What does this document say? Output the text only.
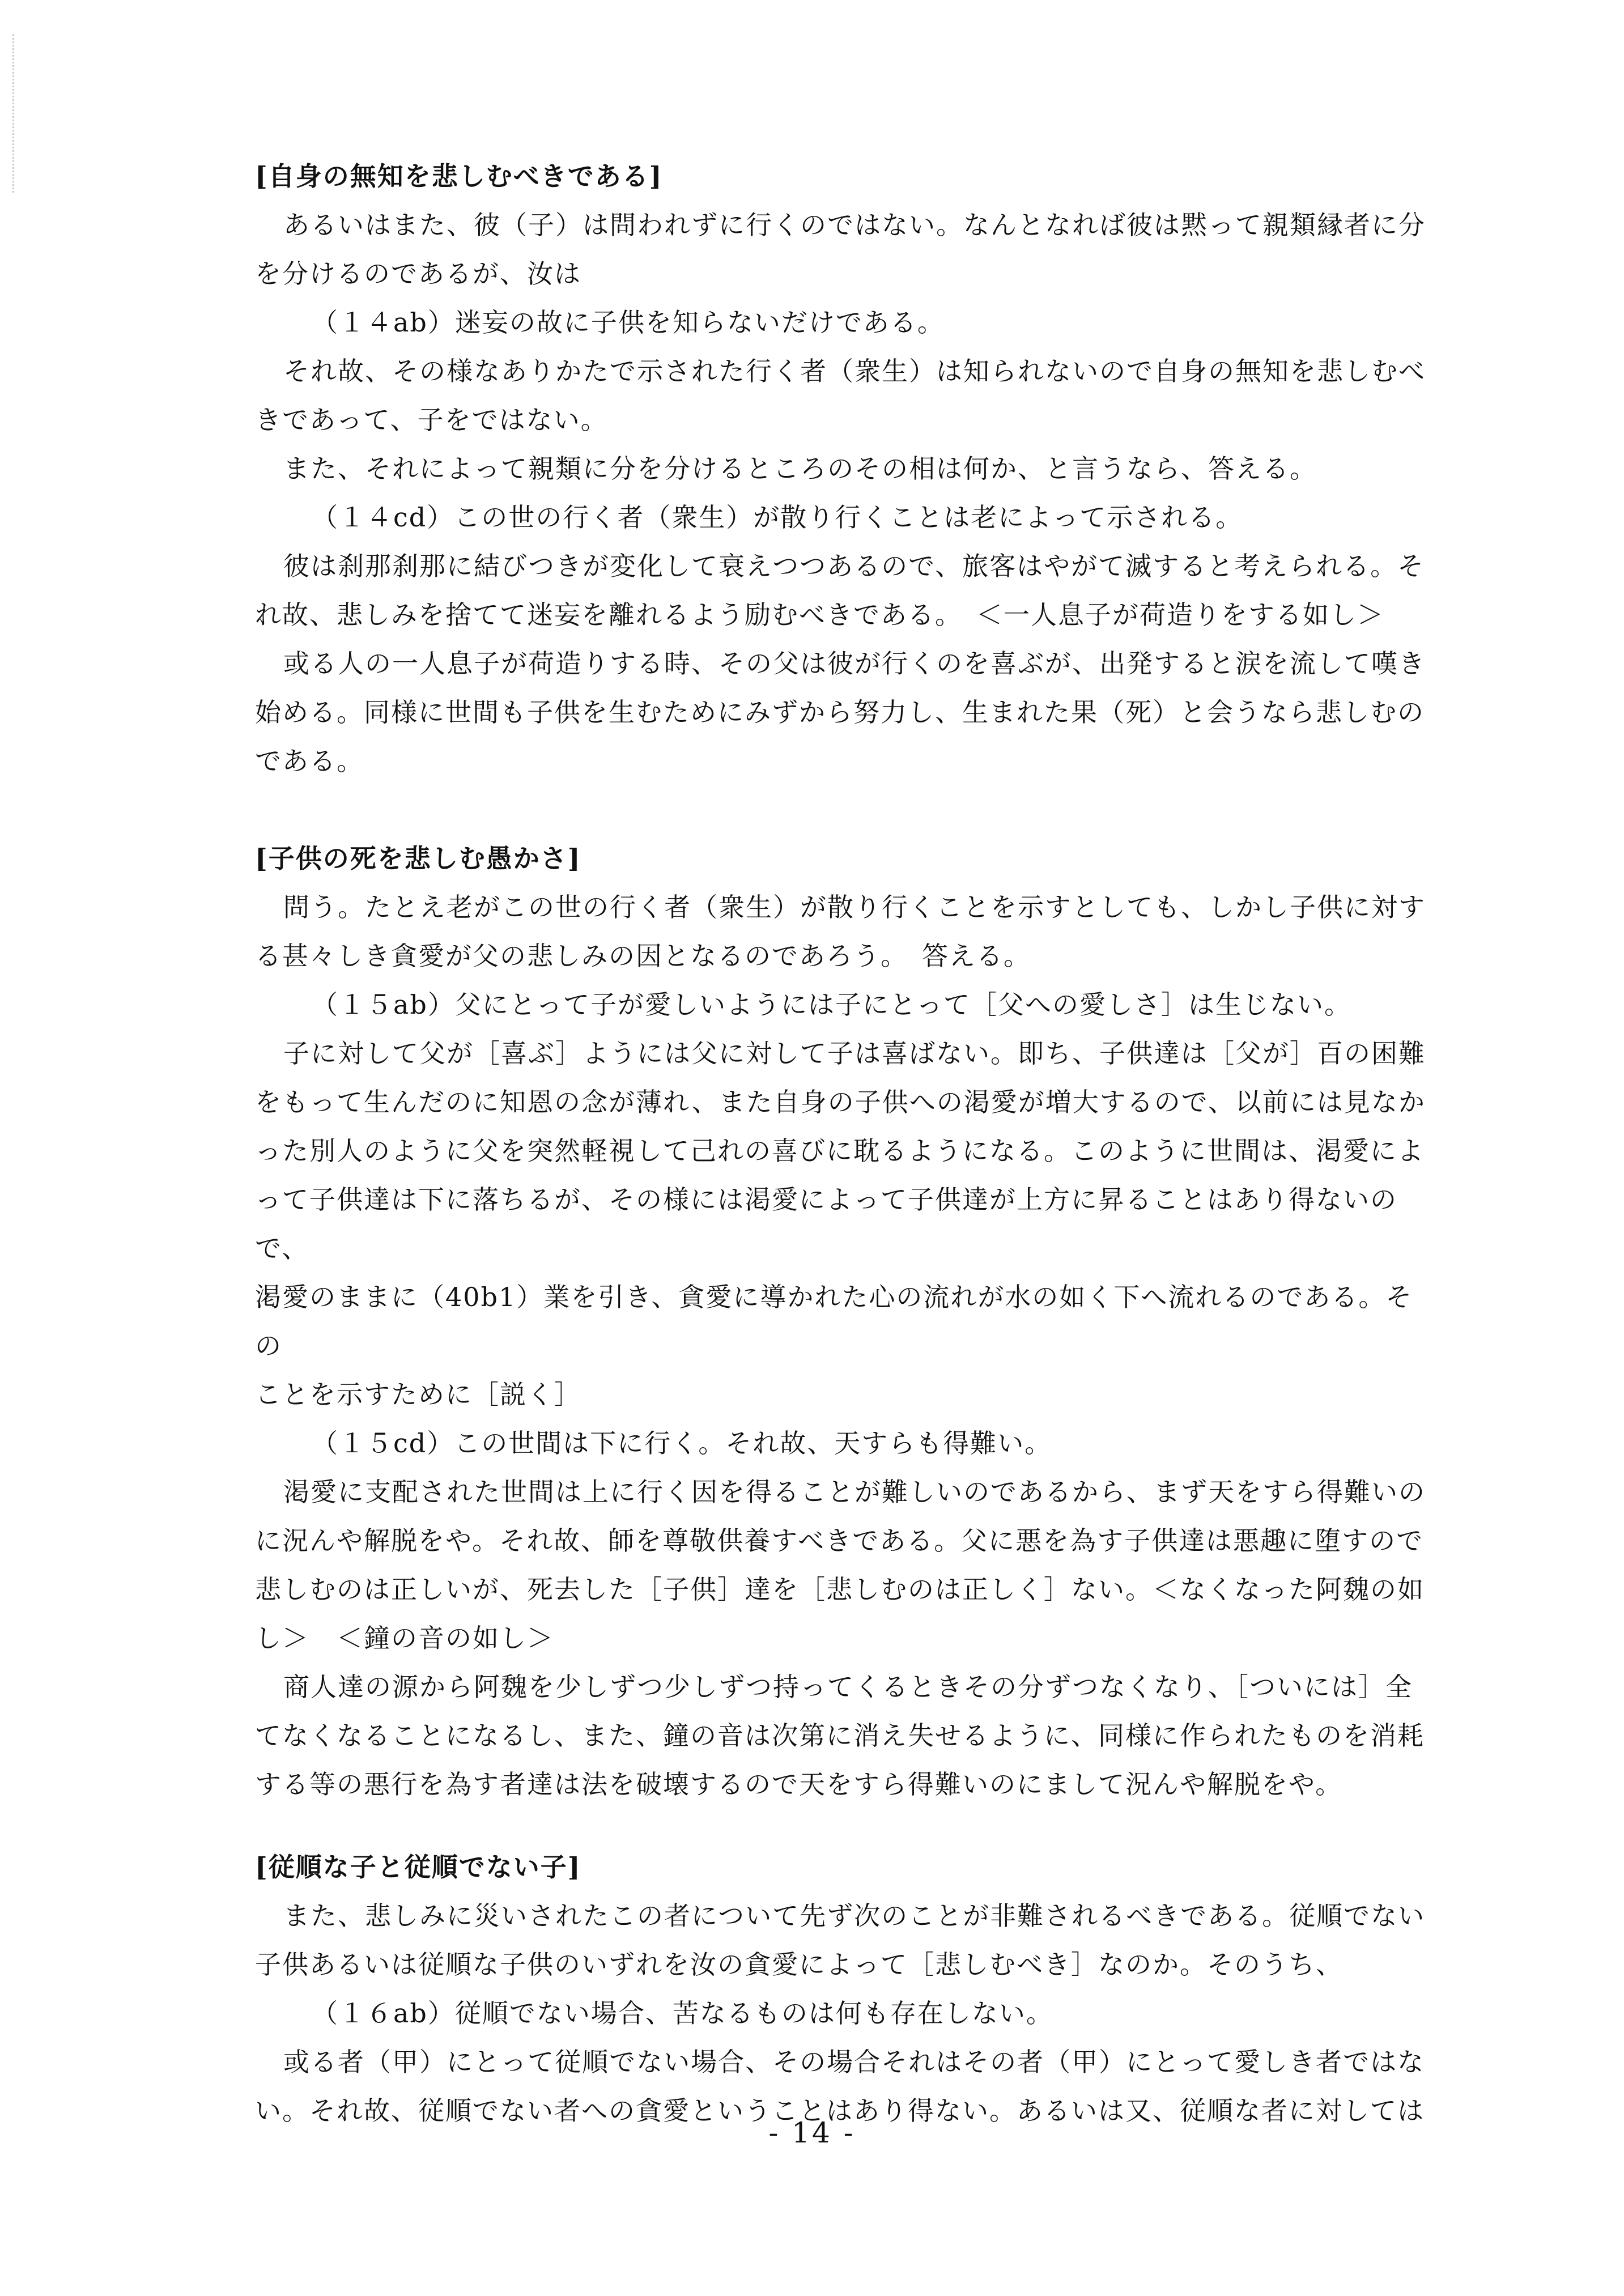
[自身の無知を悲しむべきである]

あるいはまた、彼（子）は問われずに行くのではない。なんとなれば彼は黙って親類縁者に分

を分けるのであるが、汝は

（１４ab）迷妄の故に子供を知らないだけである。

それ故、その様なありかたで示された行く者（衆生）は知られないので自身の無知を悲しむべ

きであって、子をではない。

また、それによって親類に分を分けるところのその相は何か、と言うなら、答える。

（１４cd）この世の行く者（衆生）が散り行くことは老によって示される。

彼は刹那刹那に結びつきが変化して衰えつつあるので、旅客はやがて滅すると考えられる。そ

れ故、悲しみを捨てて迷妄を離れるよう励むべきである。　＜一人息子が荷造りをする如し＞

或る人の一人息子が荷造りする時、その父は彼が行くのを喜ぶが、出発すると涙を流して嘆き

始める。同様に世間も子供を生むためにみずから努力し、生まれた果（死）と会うなら悲しむの

である。

[子供の死を悲しむ愚かさ]

問う。たとえ老がこの世の行く者（衆生）が散り行くことを示すとしても、しかし子供に対す

る甚々しき貪愛が父の悲しみの因となるのであろう。　答える。

（１５ab）父にとって子が愛しいようには子にとって［父への愛しさ］は生じない。

子に対して父が［喜ぶ］ようには父に対して子は喜ばない。即ち、子供達は［父が］百の困難

をもって生んだのに知恩の念が薄れ、また自身の子供への渇愛が増大するので、以前には見なか

った別人のように父を突然軽視して己れの喜びに耽るようになる。このように世間は、渇愛によ

って子供達は下に落ちるが、その様には渇愛によって子供達が上方に昇ることはあり得ないので、

渇愛のままに（40b1）業を引き、貪愛に導かれた心の流れが水の如く下へ流れるのである。その

ことを示すために［説く］

（１５cd）この世間は下に行く。それ故、天すらも得難い。

渇愛に支配された世間は上に行く因を得ることが難しいのであるから、まず天をすら得難いの

に況んや解脱をや。それ故、師を尊敬供養すべきである。父に悪を為す子供達は悪趣に堕すので

悲しむのは正しいが、死去した［子供］達を［悲しむのは正しく］ない。＜なくなった阿魏の如

し＞　＜鐘の音の如し＞

商人達の源から阿魏を少しずつ少しずつ持ってくるときその分ずつなくなり、［ついには］全

てなくなることになるし、また、鐘の音は次第に消え失せるように、同様に作られたものを消耗

する等の悪行を為す者達は法を破壊するので天をすら得難いのにまして況んや解脱をや。

[従順な子と従順でない子]

また、悲しみに災いされたこの者について先ず次のことが非難されるべきである。従順でない

子供あるいは従順な子供のいずれを汝の貪愛によって［悲しむべき］なのか。そのうち、

（１６ab）従順でない場合、苦なるものは何も存在しない。

或る者（甲）にとって従順でない場合、その場合それはその者（甲）にとって愛しき者ではな

い。それ故、従順でない者への貪愛ということはあり得ない。あるいは又、従順な者に対しては

- 14 -
